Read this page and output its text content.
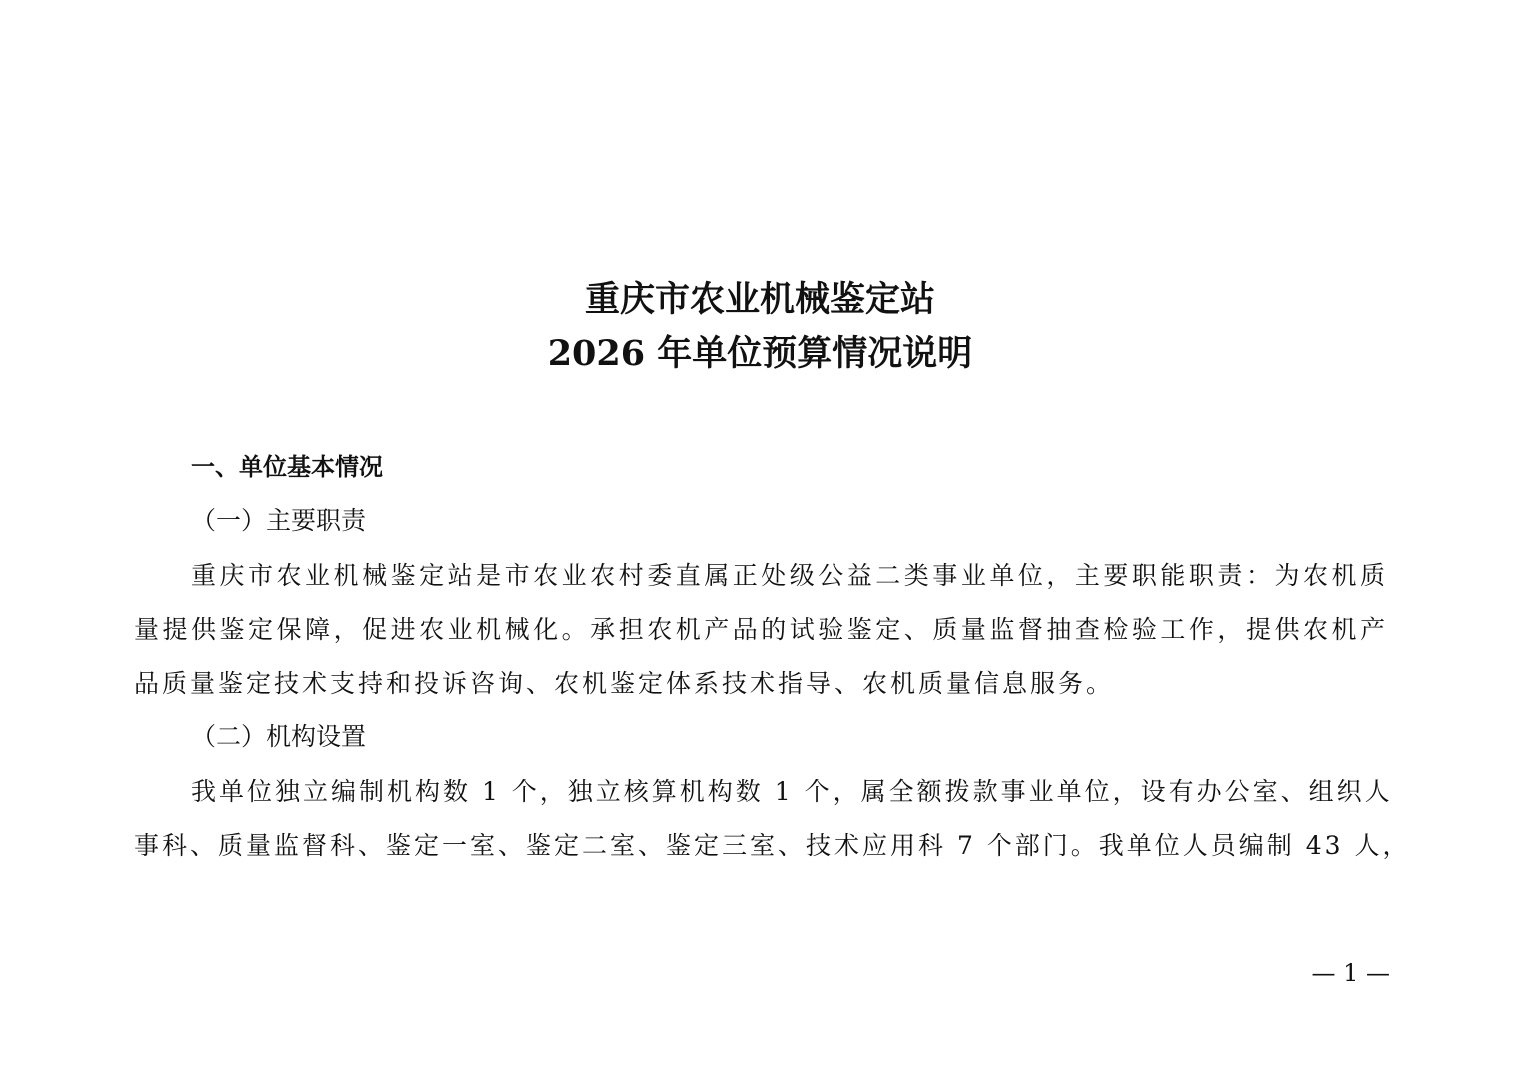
重庆市农业机械鉴定站
2026 年单位预算情况说明
一、单位基本情况
（一）主要职责
重庆市农业机械鉴定站是市农业农村委直属正处级公益二类事业单位，主要职能职责：为农机质
量提供鉴定保障，促进农业机械化。承担农机产品的试验鉴定、质量监督抽查检验工作，提供农机产
品质量鉴定技术支持和投诉咨询、农机鉴定体系技术指导、农机质量信息服务。
（二）机构设置
我单位独立编制机构数 1 个，独立核算机构数 1 个，属全额拨款事业单位，设有办公室、组织人
事科、质量监督科、鉴定一室、鉴定二室、鉴定三室、技术应用科 7 个部门。我单位人员编制 43 人，
— 1 —
